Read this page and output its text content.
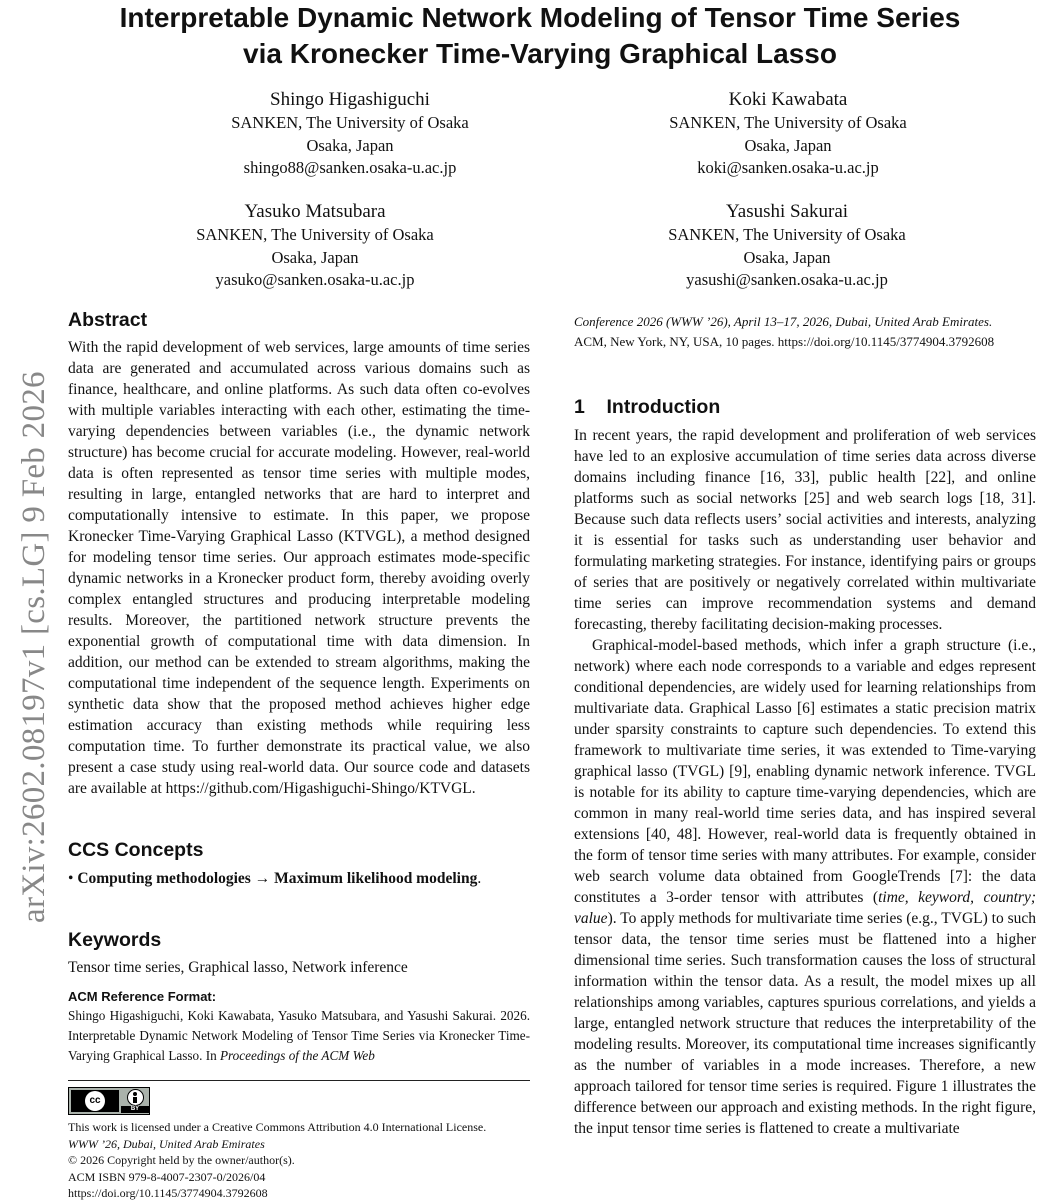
Interpretable Dynamic Network Modeling of Tensor Time Series
via Kronecker Time-Varying Graphical Lasso
arXiv:2602.08197v1 [cs.LG] 9 Feb 2026
Shingo Higashiguchi
SANKEN, The University of Osaka
Osaka, Japan
shingo88@sanken.osaka-u.ac.jp
Koki Kawabata
SANKEN, The University of Osaka
Osaka, Japan
koki@sanken.osaka-u.ac.jp
Yasuko Matsubara
SANKEN, The University of Osaka
Osaka, Japan
yasuko@sanken.osaka-u.ac.jp
Yasushi Sakurai
SANKEN, The University of Osaka
Osaka, Japan
yasushi@sanken.osaka-u.ac.jp
Abstract

With the rapid development of web services, large amounts of time series data are generated and accumulated across various domains such as finance, healthcare, and online platforms. As such data often co-evolves with multiple variables interacting with each other, estimating the time-varying dependencies between variables (i.e., the dynamic network structure) has become crucial for accurate modeling. However, real-world data is often represented as tensor time series with multiple modes, resulting in large, entangled networks that are hard to interpret and computationally intensive to estimate. In this paper, we propose Kronecker Time-Varying Graphical Lasso (KTVGL), a method designed for modeling tensor time series. Our approach estimates mode-specific dynamic networks in a Kronecker product form, thereby avoiding overly complex entangled structures and producing interpretable modeling results. Moreover, the partitioned network structure prevents the exponential growth of computational time with data dimension. In addition, our method can be extended to stream algorithms, making the computational time independent of the sequence length. Experiments on synthetic data show that the proposed method achieves higher edge estimation accuracy than existing methods while requiring less computation time. To further demonstrate its practical value, we also present a case study using real-world data. Our source code and datasets are available at https://github.com/Higashiguchi-Shingo/KTVGL.

CCS Concepts

• Computing methodologies → Maximum likelihood modeling.

Keywords

Tensor time series, Graphical lasso, Network inference

ACM Reference Format:
Shingo Higashiguchi, Koki Kawabata, Yasuko Matsubara, and Yasushi Sakurai. 2026. Interpretable Dynamic Network Modeling of Tensor Time Series via Kronecker Time-Varying Graphical Lasso. In Proceedings of the ACM Web
cc
BY
This work is licensed under a Creative Commons Attribution 4.0 International License.
WWW ’26, Dubai, United Arab Emirates
© 2026 Copyright held by the owner/author(s).
ACM ISBN 979-8-4007-2307-0/2026/04
https://doi.org/10.1145/3774904.3792608
Conference 2026 (WWW ’26), April 13–17, 2026, Dubai, United Arab Emirates.
ACM, New York, NY, USA, 10 pages. https://doi.org/10.1145/3774904.3792608
1    Introduction

In recent years, the rapid development and proliferation of web services have led to an explosive accumulation of time series data across diverse domains including finance [16, 33], public health [22], and online platforms such as social networks [25] and web search logs [18, 31]. Because such data reflects users’ social activities and interests, analyzing it is essential for tasks such as understanding user behavior and formulating marketing strategies. For instance, identifying pairs or groups of series that are positively or negatively correlated within multivariate time series can improve recommendation systems and demand forecasting, thereby facilitating decision-making processes.

Graphical-model-based methods, which infer a graph structure (i.e., network) where each node corresponds to a variable and edges represent conditional dependencies, are widely used for learning relationships from multivariate data. Graphical Lasso [6] estimates a static precision matrix under sparsity constraints to capture such dependencies. To extend this framework to multivariate time series, it was extended to Time-varying graphical lasso (TVGL) [9], enabling dynamic network inference. TVGL is notable for its ability to capture time-varying dependencies, which are common in many real-world time series data, and has inspired several extensions [40, 48]. However, real-world data is frequently obtained in the form of tensor time series with many attributes. For example, consider web search volume data obtained from GoogleTrends [7]: the data constitutes a 3-order tensor with attributes (time, keyword, country; value). To apply methods for multivariate time series (e.g., TVGL) to such tensor data, the tensor time series must be flattened into a higher dimensional time series. Such transformation causes the loss of structural information within the tensor data. As a result, the model mixes up all relationships among variables, captures spurious correlations, and yields a large, entangled network structure that reduces the interpretability of the modeling results. Moreover, its computational time increases significantly as the number of variables in a mode increases. Therefore, a new approach tailored for tensor time series is required. Figure 1 illustrates the difference between our approach and existing methods. In the right figure, the input tensor time series is flattened to create a multivariate
